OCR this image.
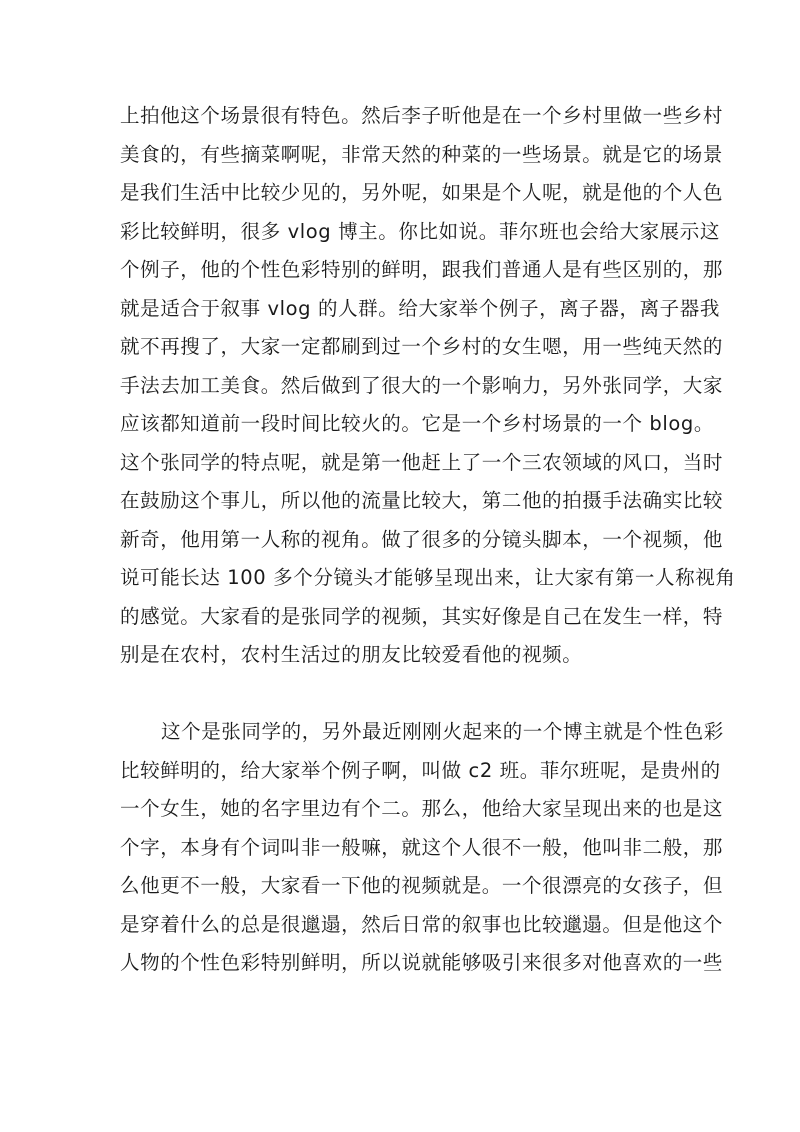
上拍他这个场景很有特色。然后李子昕他是在一个乡村里做一些乡村
美食的，有些摘菜啊呢，非常天然的种菜的一些场景。就是它的场景
是我们生活中比较少见的，另外呢，如果是个人呢，就是他的个人色
彩比较鲜明，很多 vlog 博主。你比如说。菲尔班也会给大家展示这
个例子，他的个性色彩特别的鲜明，跟我们普通人是有些区别的，那
就是适合于叙事 vlog 的人群。给大家举个例子，离子器，离子器我
就不再搜了，大家一定都刷到过一个乡村的女生嗯，用一些纯天然的
手法去加工美食。然后做到了很大的一个影响力，另外张同学，大家
应该都知道前一段时间比较火的。它是一个乡村场景的一个 blog。
这个张同学的特点呢，就是第一他赶上了一个三农领域的风口，当时
在鼓励这个事儿，所以他的流量比较大，第二他的拍摄手法确实比较
新奇，他用第一人称的视角。做了很多的分镜头脚本，一个视频，他
说可能长达 100 多个分镜头才能够呈现出来，让大家有第一人称视角
的感觉。大家看的是张同学的视频，其实好像是自己在发生一样，特
别是在农村，农村生活过的朋友比较爱看他的视频。
这个是张同学的，另外最近刚刚火起来的一个博主就是个性色彩
比较鲜明的，给大家举个例子啊，叫做 c2 班。菲尔班呢，是贵州的
一个女生，她的名字里边有个二。那么，他给大家呈现出来的也是这
个字，本身有个词叫非一般嘛，就这个人很不一般，他叫非二般，那
么他更不一般，大家看一下他的视频就是。一个很漂亮的女孩子，但
是穿着什么的总是很邋遢，然后日常的叙事也比较邋遢。但是他这个
人物的个性色彩特别鲜明，所以说就能够吸引来很多对他喜欢的一些
